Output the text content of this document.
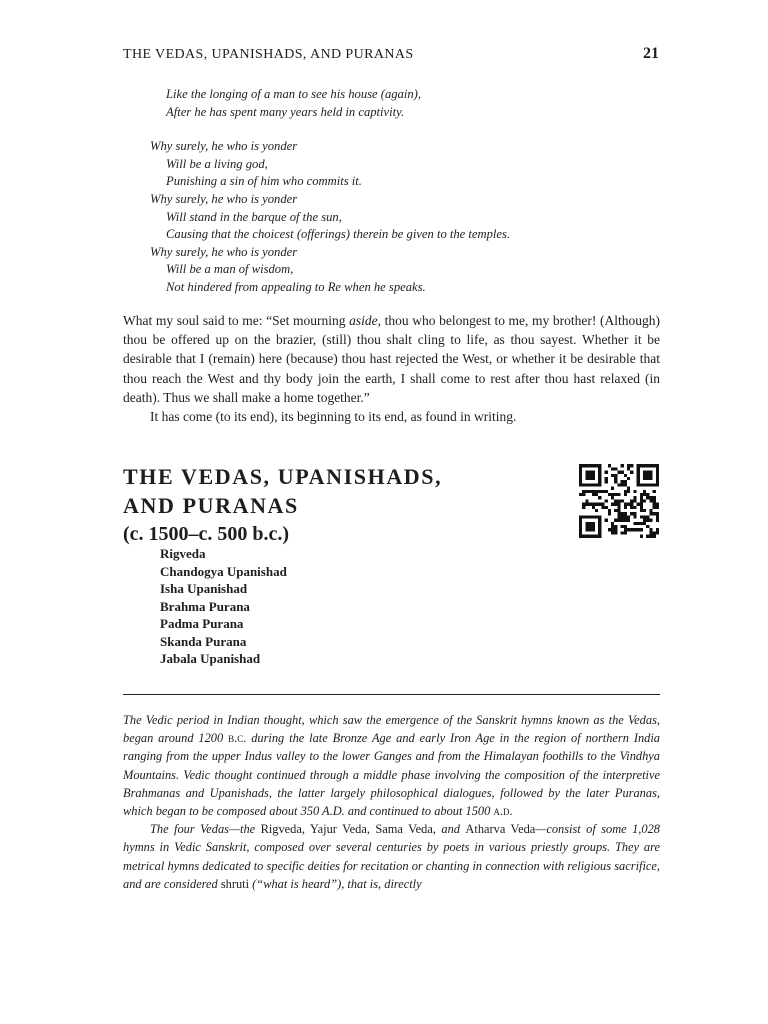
THE VEDAS, UPANISHADS, AND PURANAS	21
Like the longing of a man to see his house (again),
After he has spent many years held in captivity.
Why surely, he who is yonder
Will be a living god,
Punishing a sin of him who commits it.
Why surely, he who is yonder
Will stand in the barque of the sun,
Causing that the choicest (offerings) therein be given to the temples.
Why surely, he who is yonder
Will be a man of wisdom,
Not hindered from appealing to Re when he speaks.

What my soul said to me: “Set mourning aside, thou who belongest to me, my brother! (Although) thou be offered up on the brazier, (still) thou shalt cling to life, as thou sayest. Whether it be desirable that I (remain) here (because) thou hast rejected the West, or whether it be desirable that thou reach the West and thy body join the earth, I shall come to rest after thou hast relaxed (in death). Thus we shall make a home together.”

It has come (to its end), its beginning to its end, as found in writing.

THE VEDAS, UPANISHADS,
AND PURANAS
(c. 1500–c. 500 b.c.)
Rigveda
Chandogya Upanishad
Isha Upanishad
Brahma Purana
Padma Purana
Skanda Purana
Jabala Upanishad

The Vedic period in Indian thought, which saw the emergence of the Sanskrit hymns known as the Vedas, began around 1200 b.c. during the late Bronze Age and early Iron Age in the region of northern India ranging from the upper Indus valley to the lower Ganges and from the Himalayan foothills to the Vindhya Mountains. Vedic thought continued through a middle phase involving the composition of the interpretive Brahmanas and Upanishads, the latter largely philosophical dialogues, followed by the later Puranas, which began to be composed about 350 A.D. and continued to about 1500 a.d.

The four Vedas—the Rigveda, Yajur Veda, Sama Veda, and Atharva Veda—consist of some 1,028 hymns in Vedic Sanskrit, composed over several centuries by poets in various priestly groups. They are metrical hymns dedicated to specific deities for recitation or chanting in connection with religious sacrifice, and are considered shruti (“what is heard”), that is, directly
